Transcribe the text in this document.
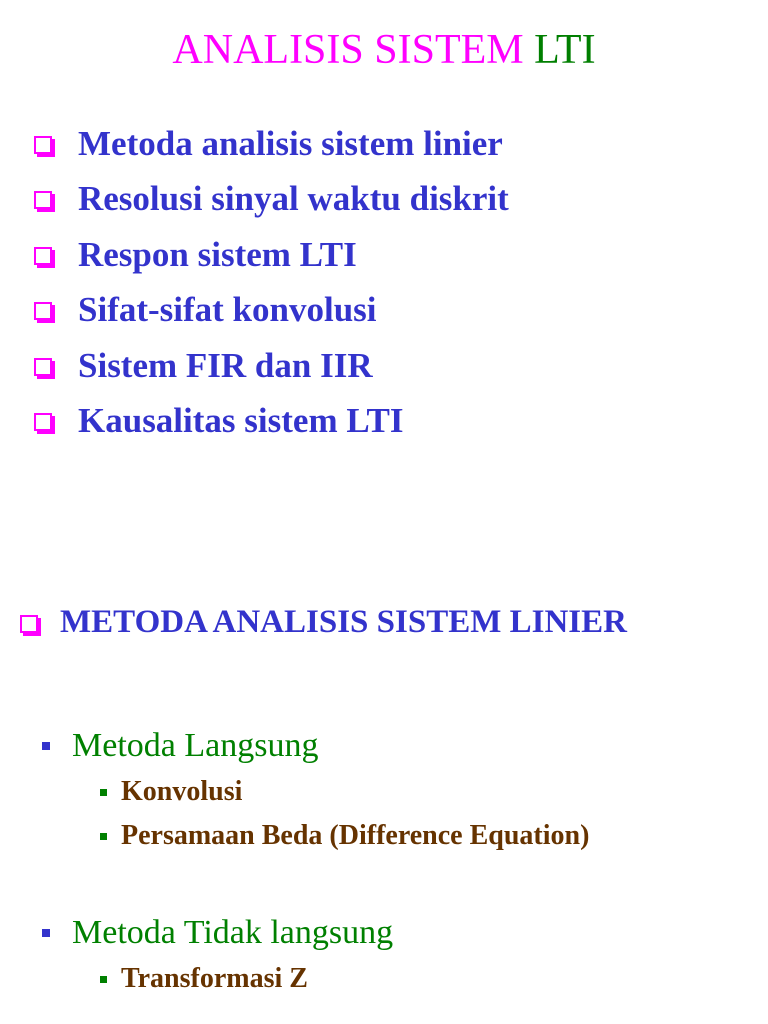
ANALISIS SISTEM LTI
Metoda analisis sistem linier
Resolusi sinyal waktu diskrit
Respon sistem LTI
Sifat-sifat konvolusi
Sistem FIR dan IIR
Kausalitas sistem LTI
METODA ANALISIS SISTEM LINIER
Metoda Langsung
Konvolusi
Persamaan Beda (Difference Equation)
Metoda Tidak langsung
Transformasi Z
